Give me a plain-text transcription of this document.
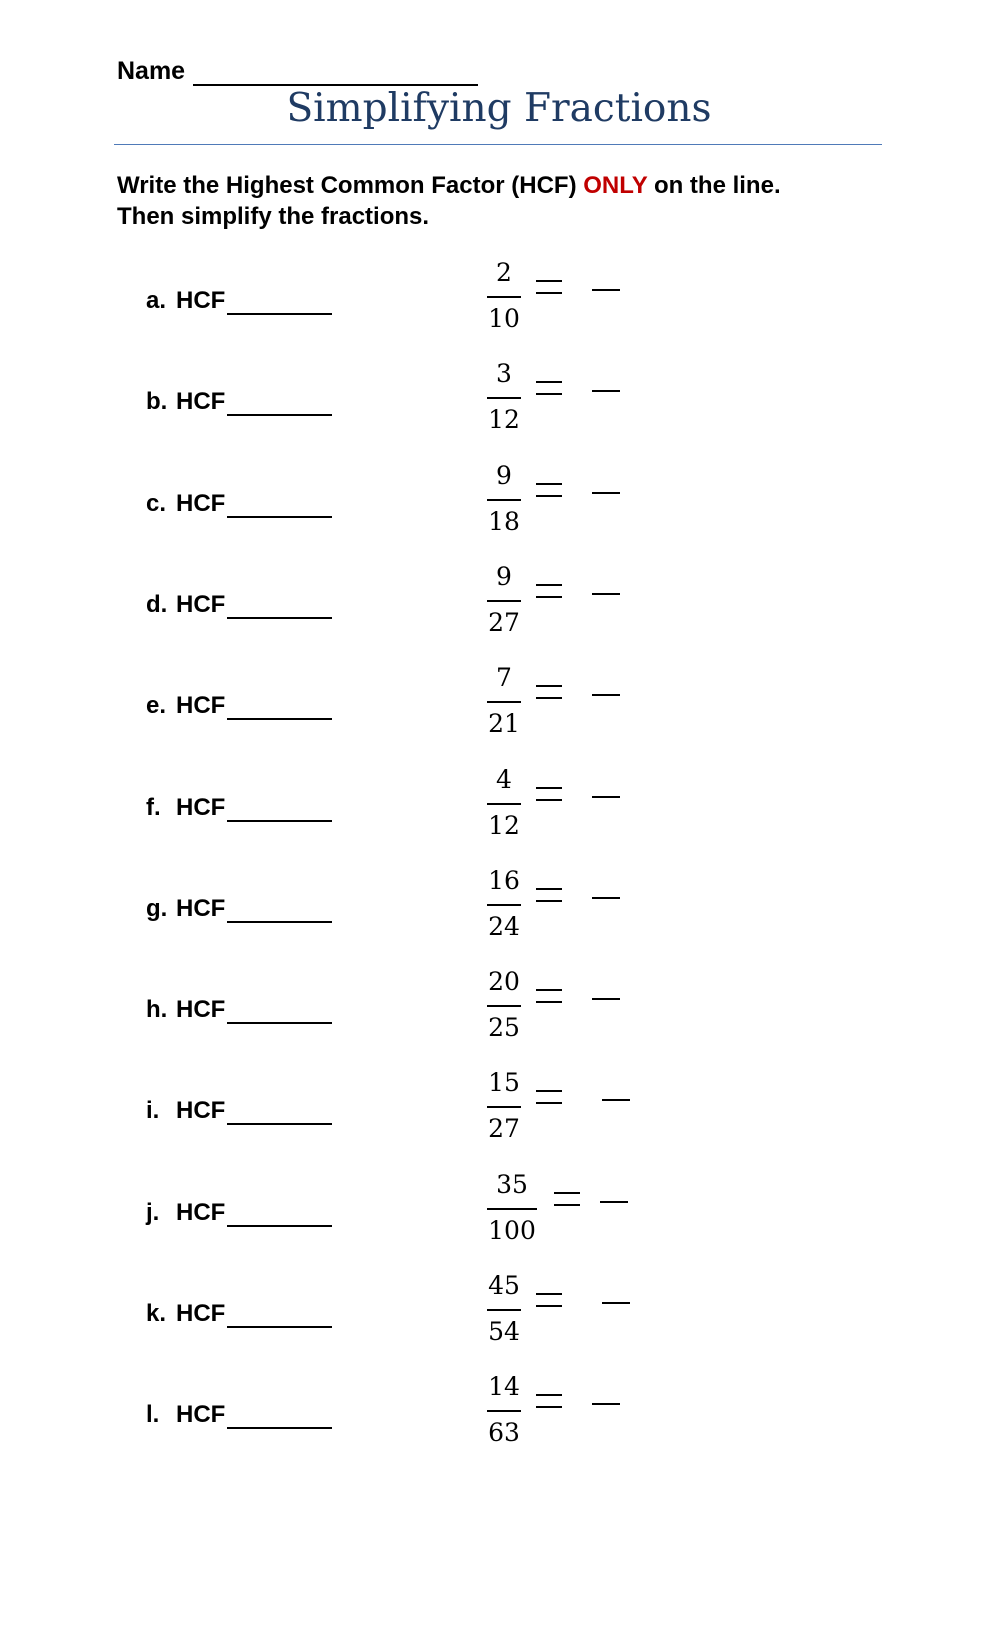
Name
Simplifying Fractions
Write the Highest Common Factor (HCF) ONLY on the line.
Then simplify the fractions.
a. HCF
2
10
b. HCF
3
12
c. HCF
9
18
d. HCF
9
27
e. HCF
7
21
f. HCF
4
12
g. HCF
16
24
h. HCF
20
25
i. HCF
15
27
j. HCF
35
100
k. HCF
45
54
l. HCF
14
63
